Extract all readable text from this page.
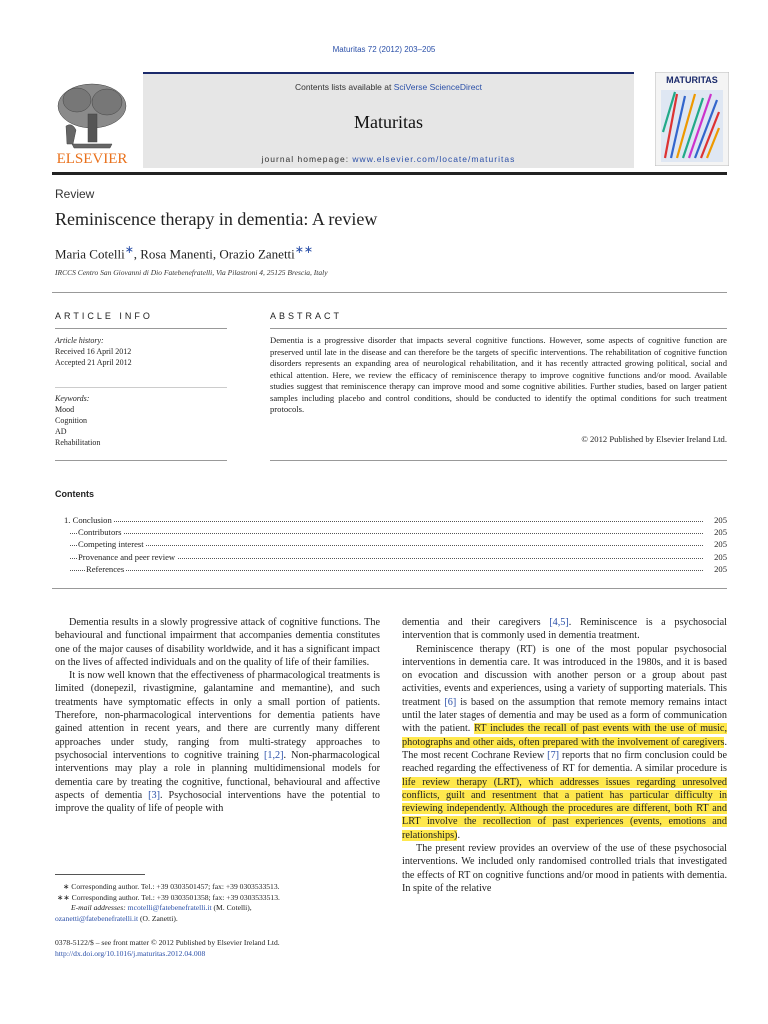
Maturitas 72 (2012) 203–205
ELSEVIER
Contents lists available at SciVerse ScienceDirect
Maturitas
journal homepage: www.elsevier.com/locate/maturitas
MATURITAS
Review
Reminiscence therapy in dementia: A review
Maria Cotelli∗, Rosa Manenti, Orazio Zanetti∗∗
IRCCS Centro San Giovanni di Dio Fatebenefratelli, Via Pilastroni 4, 25125 Brescia, Italy
ARTICLE INFO	ABSTRACT
Article history:
Received 16 April 2012
Accepted 21 April 2012
Keywords:
Mood
Cognition
AD
Rehabilitation
Dementia is a progressive disorder that impacts several cognitive functions. However, some aspects of cognitive function are preserved until late in the disease and can therefore be the targets of specific interventions. The rehabilitation of cognitive function disorders represents an expanding area of neurological rehabilitation, and it has recently attracted growing political, social and ethical attention. Here, we review the efficacy of reminiscence therapy to improve cognitive functions and/or mood. Available studies suggest that reminiscence therapy can improve mood and some cognitive abilities. Further studies, based on larger patient samples including placebo and control conditions, should be conducted to identify the optimal conditions for such treatment protocols.
© 2012 Published by Elsevier Ireland Ltd.
Contents
1. Conclusion	205
Contributors	205
Competing interest	205
Provenance and peer review	205
References	205

Dementia results in a slowly progressive attack of cognitive functions. The behavioural and functional impairment that accompanies dementia constitutes one of the major causes of disability worldwide, and it has a significant impact on the lives of affected individuals and on the quality of life of their families.

It is now well known that the effectiveness of pharmacological treatments is limited (donepezil, rivastigmine, galantamine and memantine), and such treatments have symptomatic effects in only a small portion of patients. Therefore, non-pharmacological interventions for dementia patients have gained attention in recent years, and there are currently many different approaches under study, ranging from multi-strategy approaches to psychosocial interventions to cognitive training [1,2]. Non-pharmacological interventions may play a role in planning multidimensional models for dementia care by treating the cognitive, functional, behavioural and affective aspects of dementia [3]. Psychosocial interventions have the potential to improve the quality of life of people with

dementia and their caregivers [4,5]. Reminiscence is a psychosocial intervention that is commonly used in dementia treatment.

Reminiscence therapy (RT) is one of the most popular psychosocial interventions in dementia care. It was introduced in the 1980s, and it is based on evocation and discussion with another person or a group about past activities, events and experiences, using a variety of supporting materials. This treatment [6] is based on the assumption that remote memory remains intact until the later stages of dementia and may be used as a form of communication with the patient. RT includes the recall of past events with the use of music, photographs and other aids, often prepared with the involvement of caregivers. The most recent Cochrane Review [7] reports that no firm conclusion could be reached regarding the effectiveness of RT for dementia. A similar procedure is life review therapy (LRT), which addresses issues regarding unresolved conflicts, guilt and resentment that a patient has particular difficulty in reviewing independently. Although the procedures are different, both RT and LRT involve the recollection of past experiences (events, emotions and relationships).

The present review provides an overview of the use of these psychosocial interventions. We included only randomised controlled trials that investigated the effects of RT on cognitive functions and/or mood in patients with dementia. In spite of the relative

∗ Corresponding author. Tel.: +39 0303501457; fax: +39 0303533513.
∗∗ Corresponding author. Tel.: +39 0303501358; fax: +39 0303533513.
E-mail addresses: mcotelli@fatebenefratelli.it (M. Cotelli),
ozanetti@fatebenefratelli.it (O. Zanetti).
0378-5122/$ – see front matter © 2012 Published by Elsevier Ireland Ltd.
http://dx.doi.org/10.1016/j.maturitas.2012.04.008
